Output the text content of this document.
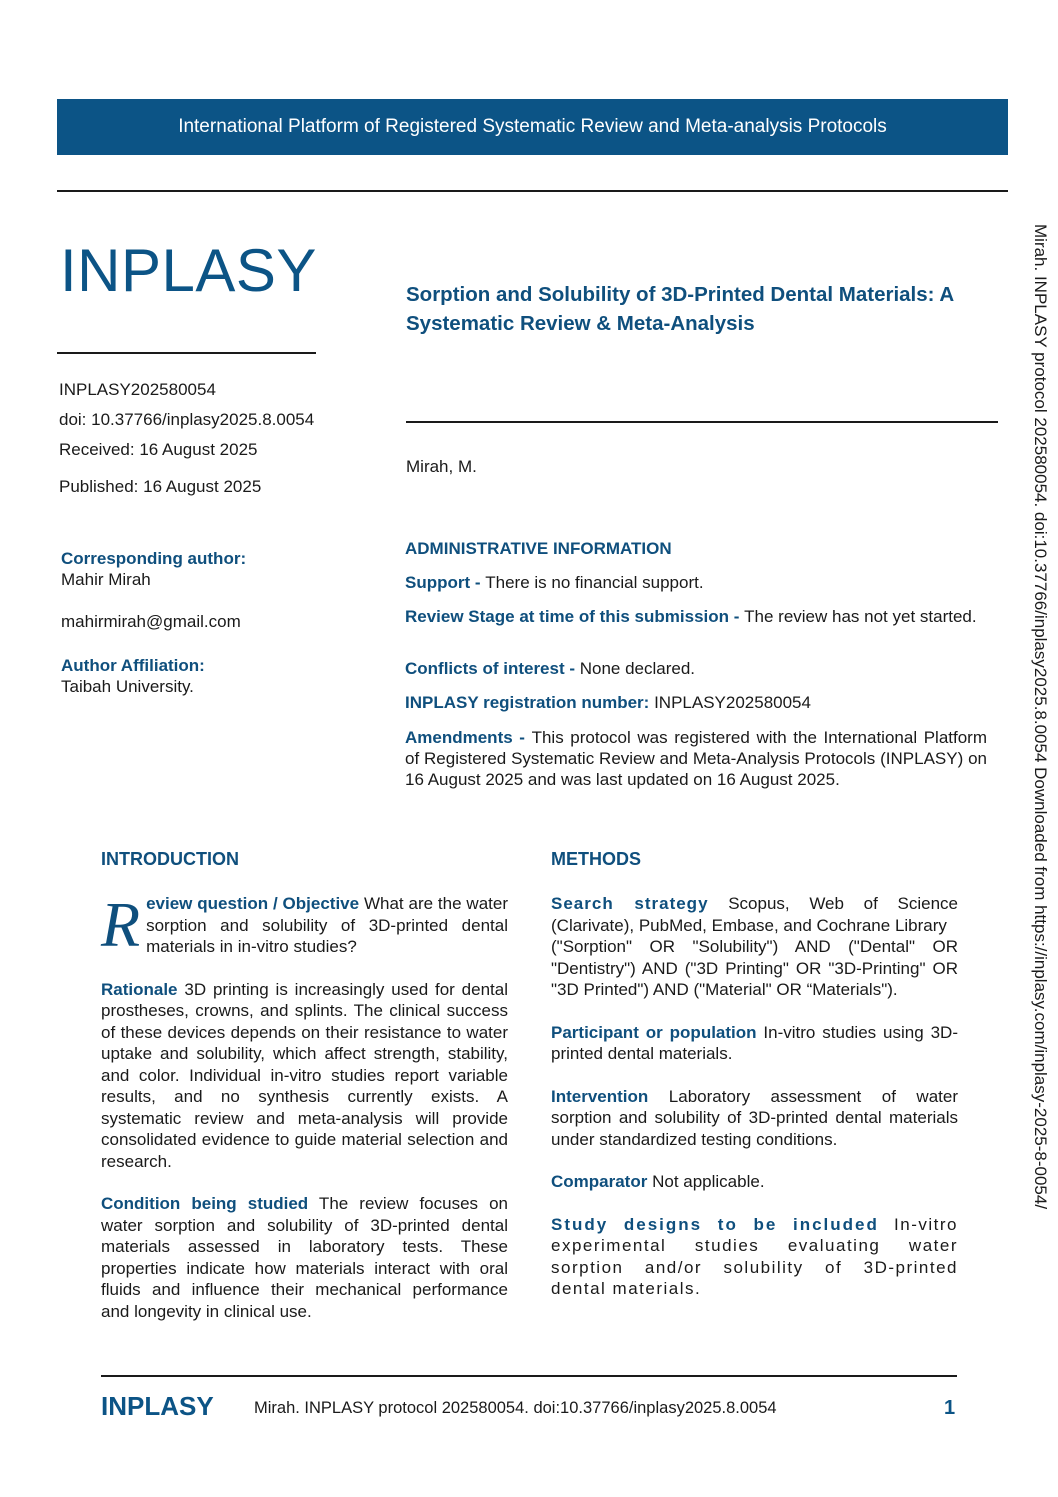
International Platform of Registered Systematic Review and Meta-analysis Protocols
INPLASY	Sorption and Solubility of 3D-Printed Dental Materials: A Systematic Review & Meta-Analysis
INPLASY202580054
doi: 10.37766/inplasy2025.8.0054
Received: 16 August 2025
Published: 16 August 2025
Mirah, M.
Corresponding author:
Mahir Mirah
mahirmirah@gmail.com
Author Affiliation:
Taibah University.

ADMINISTRATIVE INFORMATION

Support - There is no financial support.

Review Stage at time of this submission - The review has not yet started.

Conflicts of interest - None declared.

INPLASY registration number: INPLASY202580054

Amendments - This protocol was registered with the International Platform of Registered Systematic Review and Meta-Analysis Protocols (INPLASY) on 16 August 2025 and was last updated on 16 August 2025.

INTRODUCTION

Review question / Objective What are the water sorption and solubility of 3D-printed dental materials in in-vitro studies?

Rationale 3D printing is increasingly used for dental prostheses, crowns, and splints. The clinical success of these devices depends on their resistance to water uptake and solubility, which affect strength, stability, and color. Individual in-vitro studies report variable results, and no synthesis currently exists. A systematic review and meta-analysis will provide consolidated evidence to guide material selection and research.

Condition being studied The review focuses on water sorption and solubility of 3D-printed dental materials assessed in laboratory tests. These properties indicate how materials interact with oral fluids and influence their mechanical performance and longevity in clinical use.

METHODS

Search strategy Scopus, Web of Science (Clarivate), PubMed, Embase, and Cochrane Library

("Sorption" OR "Solubility") AND ("Dental" OR "Dentistry") AND ("3D Printing" OR "3D-Printing" OR "3D Printed") AND ("Material" OR “Materials").

Participant or population In-vitro studies using 3D-printed dental materials.

Intervention Laboratory assessment of water sorption and solubility of 3D-printed dental materials under standardized testing conditions.

Comparator Not applicable.

Study designs to be included In-vitro experimental studies evaluating water sorption and/or solubility of 3D-printed dental materials.

Mirah. INPLASY protocol 202580054. doi:10.37766/inplasy2025.8.0054 Downloaded from https://inplasy.com/inplasy-2025-8-0054/
INPLASY Mirah. INPLASY protocol 202580054. doi:10.37766/inplasy2025.8.0054	1
